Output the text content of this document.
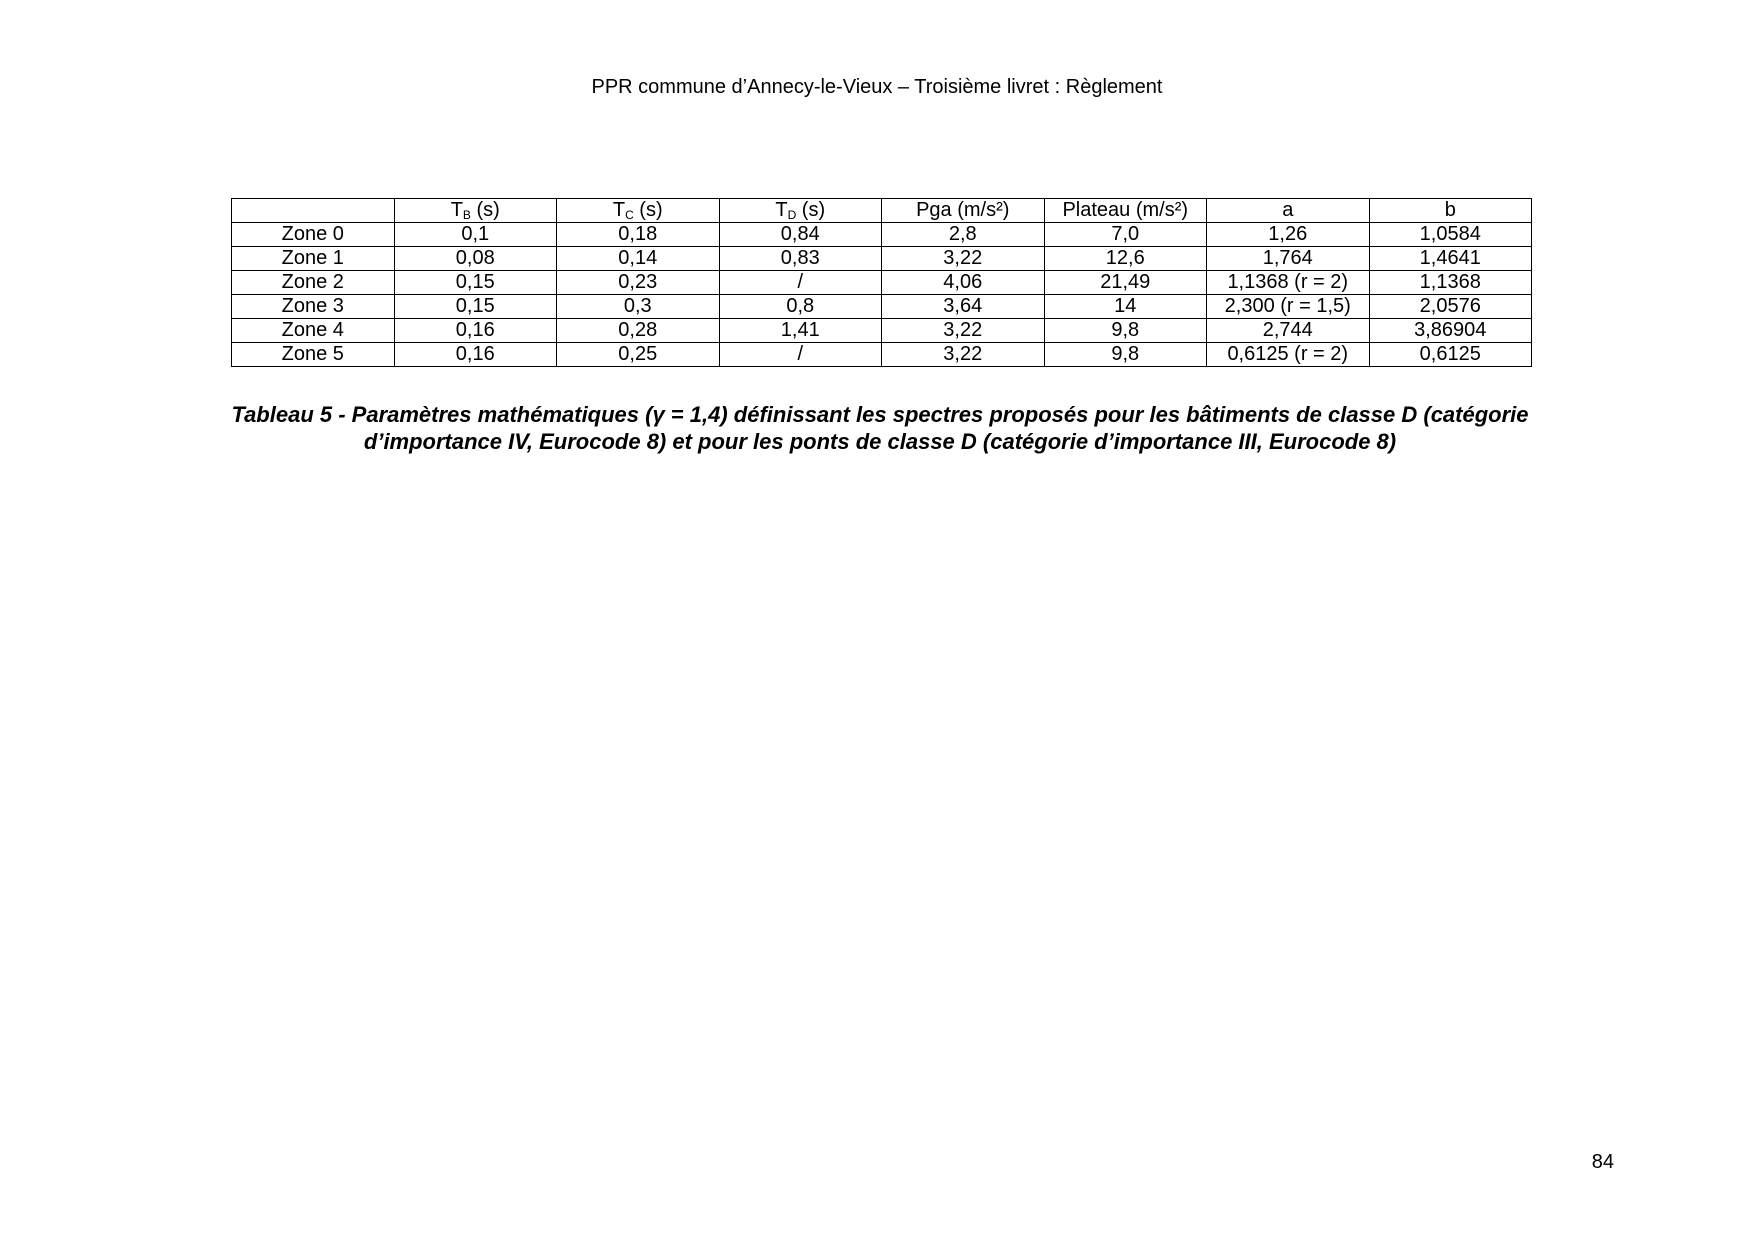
PPR commune d’Annecy-le-Vieux – Troisième livret : Règlement
	$T_B$ (s)	$T_C$ (s)	$T_D$ (s)	Pga (m/s²)	Plateau (m/s²)	a	b
Zone 0	0,1	0,18	0,84	2,8	7,0	1,26	1,0584
Zone 1	0,08	0,14	0,83	3,22	12,6	1,764	1,4641
Zone 2	0,15	0,23	/	4,06	21,49	1,1368 (r = 2)	1,1368
Zone 3	0,15	0,3	0,8	3,64	14	2,300 (r = 1,5)	2,0576
Zone 4	0,16	0,28	1,41	3,22	9,8	2,744	3,86904
Zone 5	0,16	0,25	/	3,22	9,8	0,6125 (r = 2)	0,6125
Tableau 5 - Paramètres mathématiques (γ = 1,4) définissant les spectres proposés pour les bâtiments de classe D (catégorie
d’importance IV, Eurocode 8) et pour les ponts de classe D (catégorie d’importance III, Eurocode 8)
84
